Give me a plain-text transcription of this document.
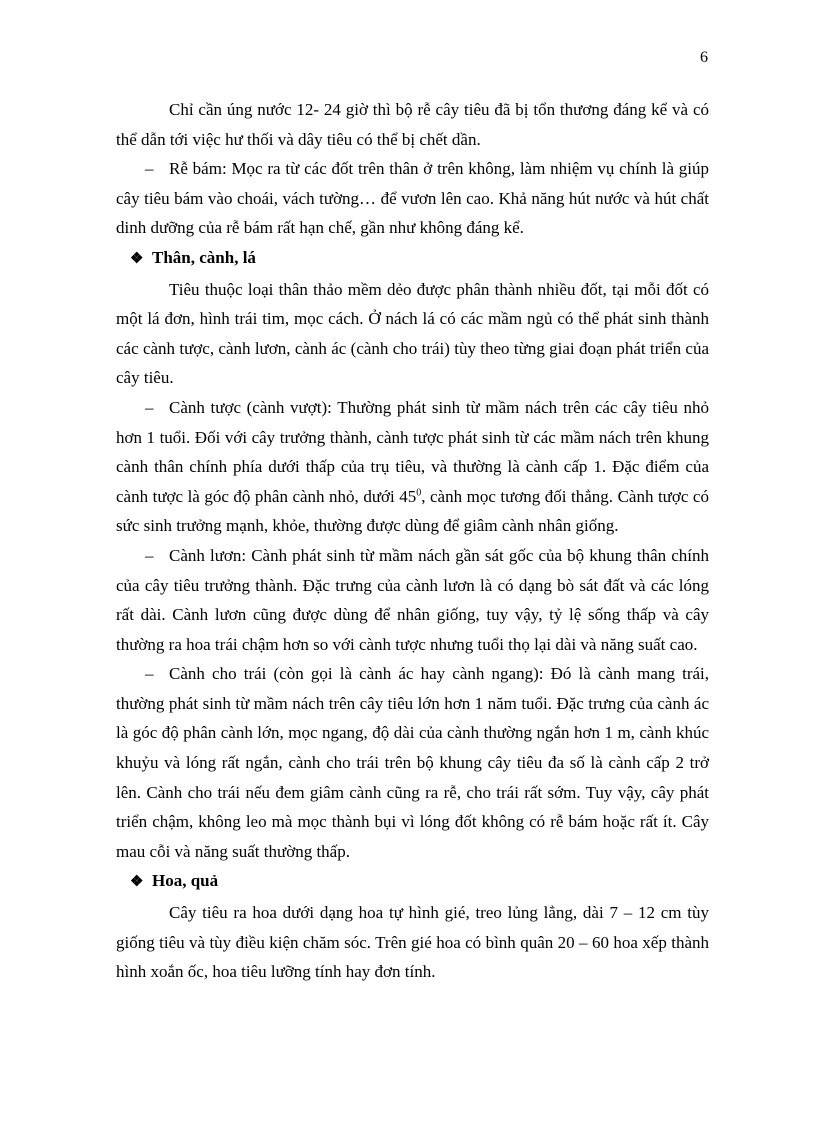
6

Chỉ cần úng nước 12- 24 giờ thì bộ rễ cây tiêu đã bị tổn thương đáng kể và có thể dẫn tới việc hư thối và dây tiêu có thể bị chết dần.

– Rễ bám: Mọc ra từ các đốt trên thân ở trên không, làm nhiệm vụ chính là giúp cây tiêu bám vào choái, vách tường… để vươn lên cao. Khả năng hút nước và hút chất dinh dưỡng của rễ bám rất hạn chế, gần như không đáng kể.

❖ Thân, cành, lá

Tiêu thuộc loại thân thảo mềm dẻo được phân thành nhiều đốt, tại mỗi đốt có một lá đơn, hình trái tim, mọc cách. Ở nách lá có các mầm ngủ có thể phát sinh thành các cành tược, cành lươn, cành ác (cành cho trái) tùy theo từng giai đoạn phát triển của cây tiêu.

– Cành tược (cành vượt): Thường phát sinh từ mầm nách trên các cây tiêu nhỏ hơn 1 tuổi. Đối với cây trưởng thành, cành tược phát sinh từ các mầm nách trên khung cành thân chính phía dưới thấp của trụ tiêu, và thường là cành cấp 1. Đặc điểm của cành tược là góc độ phân cành nhỏ, dưới $45^0$, cành mọc tương đối thẳng. Cành tược có sức sinh trưởng mạnh, khỏe, thường được dùng để giâm cành nhân giống.

– Cành lươn: Cành phát sinh từ mầm nách gần sát gốc của bộ khung thân chính của cây tiêu trưởng thành. Đặc trưng của cành lươn là có dạng bò sát đất và các lóng rất dài. Cành lươn cũng được dùng để nhân giống, tuy vậy, tỷ lệ sống thấp và cây thường ra hoa trái chậm hơn so với cành tược nhưng tuổi thọ lại dài và năng suất cao.

– Cành cho trái (còn gọi là cành ác hay cành ngang): Đó là cành mang trái, thường phát sinh từ mầm nách trên cây tiêu lớn hơn 1 năm tuổi. Đặc trưng của cành ác là góc độ phân cành lớn, mọc ngang, độ dài của cành thường ngắn hơn 1 m, cành khúc khuỷu và lóng rất ngắn, cành cho trái trên bộ khung cây tiêu đa số là cành cấp 2 trở lên. Cành cho trái nếu đem giâm cành cũng ra rễ, cho trái rất sớm. Tuy vậy, cây phát triển chậm, không leo mà mọc thành bụi vì lóng đốt không có rễ bám hoặc rất ít. Cây mau cỗi và năng suất thường thấp.

❖ Hoa, quả

Cây tiêu ra hoa dưới dạng hoa tự hình gié, treo lủng lẳng, dài 7 – 12 cm tùy giống tiêu và tùy điều kiện chăm sóc. Trên gié hoa có bình quân 20 – 60 hoa xếp thành hình xoắn ốc, hoa tiêu lưỡng tính hay đơn tính.
